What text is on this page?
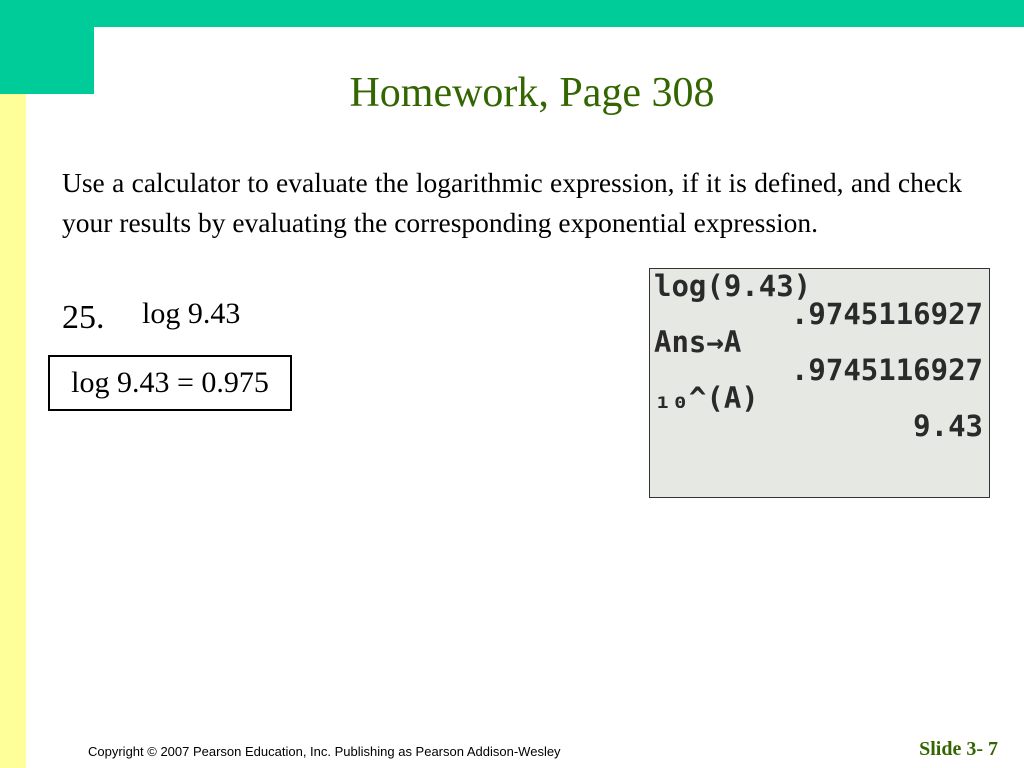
Homework, Page 308

Use a calculator to evaluate the logarithmic expression, if it is defined, and check your results by evaluating the corresponding exponential expression.

25. log 9.43
log 9.43 = 0.975
log(9.43)
.9745116927
Ans→A
.9745116927
₁₀^(A)
9.43
Copyright © 2007 Pearson Education, Inc. Publishing as Pearson Addison-Wesley	Slide 3- 7
